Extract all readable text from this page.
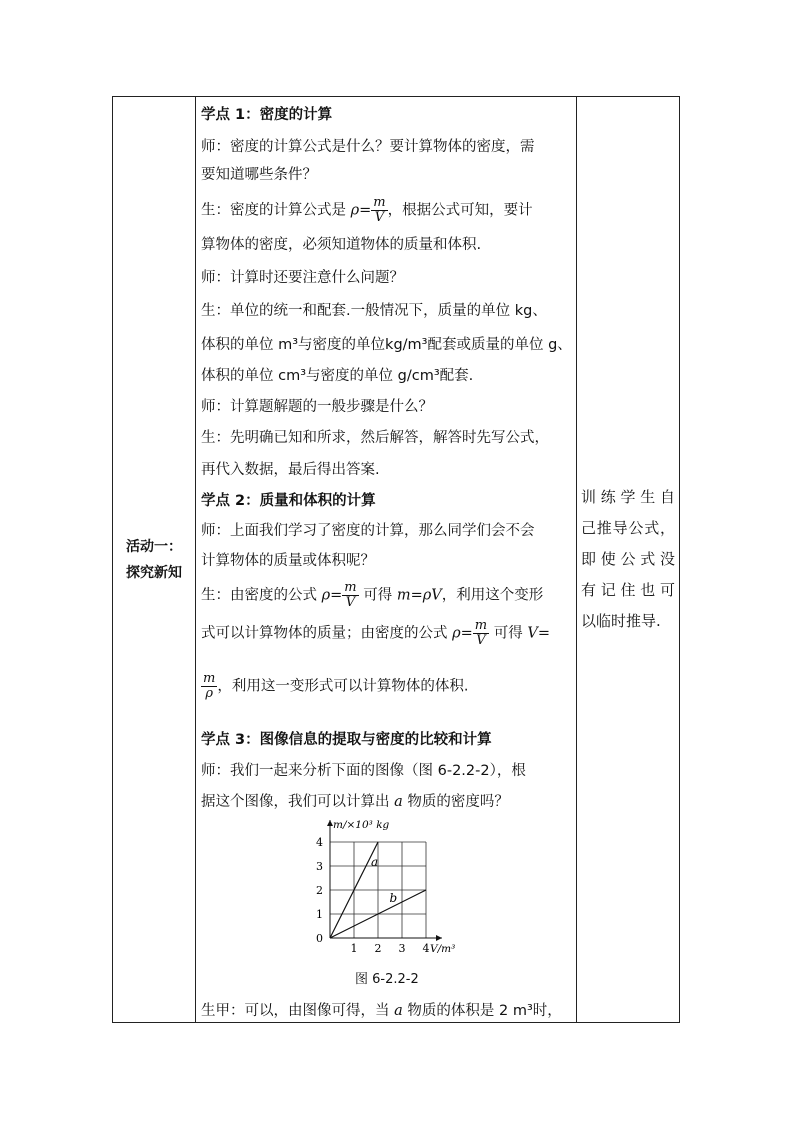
活动一：
探究新知
训练学生自
己推导公式，
即使公式没
有记住也可
以临时推导.
学点 1：密度的计算
师：密度的计算公式是什么？要计算物体的密度，需
要知道哪些条件？
生：密度的计算公式是 $\rho= \frac{m}{V}$ ，根据公式可知，要计
算物体的密度，必须知道物体的质量和体积.
师：计算时还要注意什么问题？
生：单位的统一和配套.一般情况下，质量的单位 kg、
体积的单位 m³与密度的单位kg/m³配套或质量的单位 g、
体积的单位 cm³与密度的单位 g/cm³配套.
师：计算题解题的一般步骤是什么？
生：先明确已知和所求，然后解答，解答时先写公式，
再代入数据，最后得出答案.
学点 2：质量和体积的计算
师：上面我们学习了密度的计算，那么同学们会不会
计算物体的质量或体积呢？
生：由密度的公式 $\rho= \frac{m}{V}$ 可得 m=ρV，利用这个变形
式可以计算物体的质量；由密度的公式 $\rho= \frac{m}{V}$ 可得 V=
$\frac{m}{\rho}$ ，利用这一变形式可以计算物体的体积.
学点 3：图像信息的提取与密度的比较和计算
师：我们一起来分析下面的图像（图 6-2.2-2），根
据这个图像，我们可以计算出 a 物质的密度吗？
生甲：可以，由图像可得，当 a 物质的体积是 2 m³时，
1 2 3 4
1
2
3
4
0
m/×10³ kg
V/m³
a
b
图 6-2.2-2
